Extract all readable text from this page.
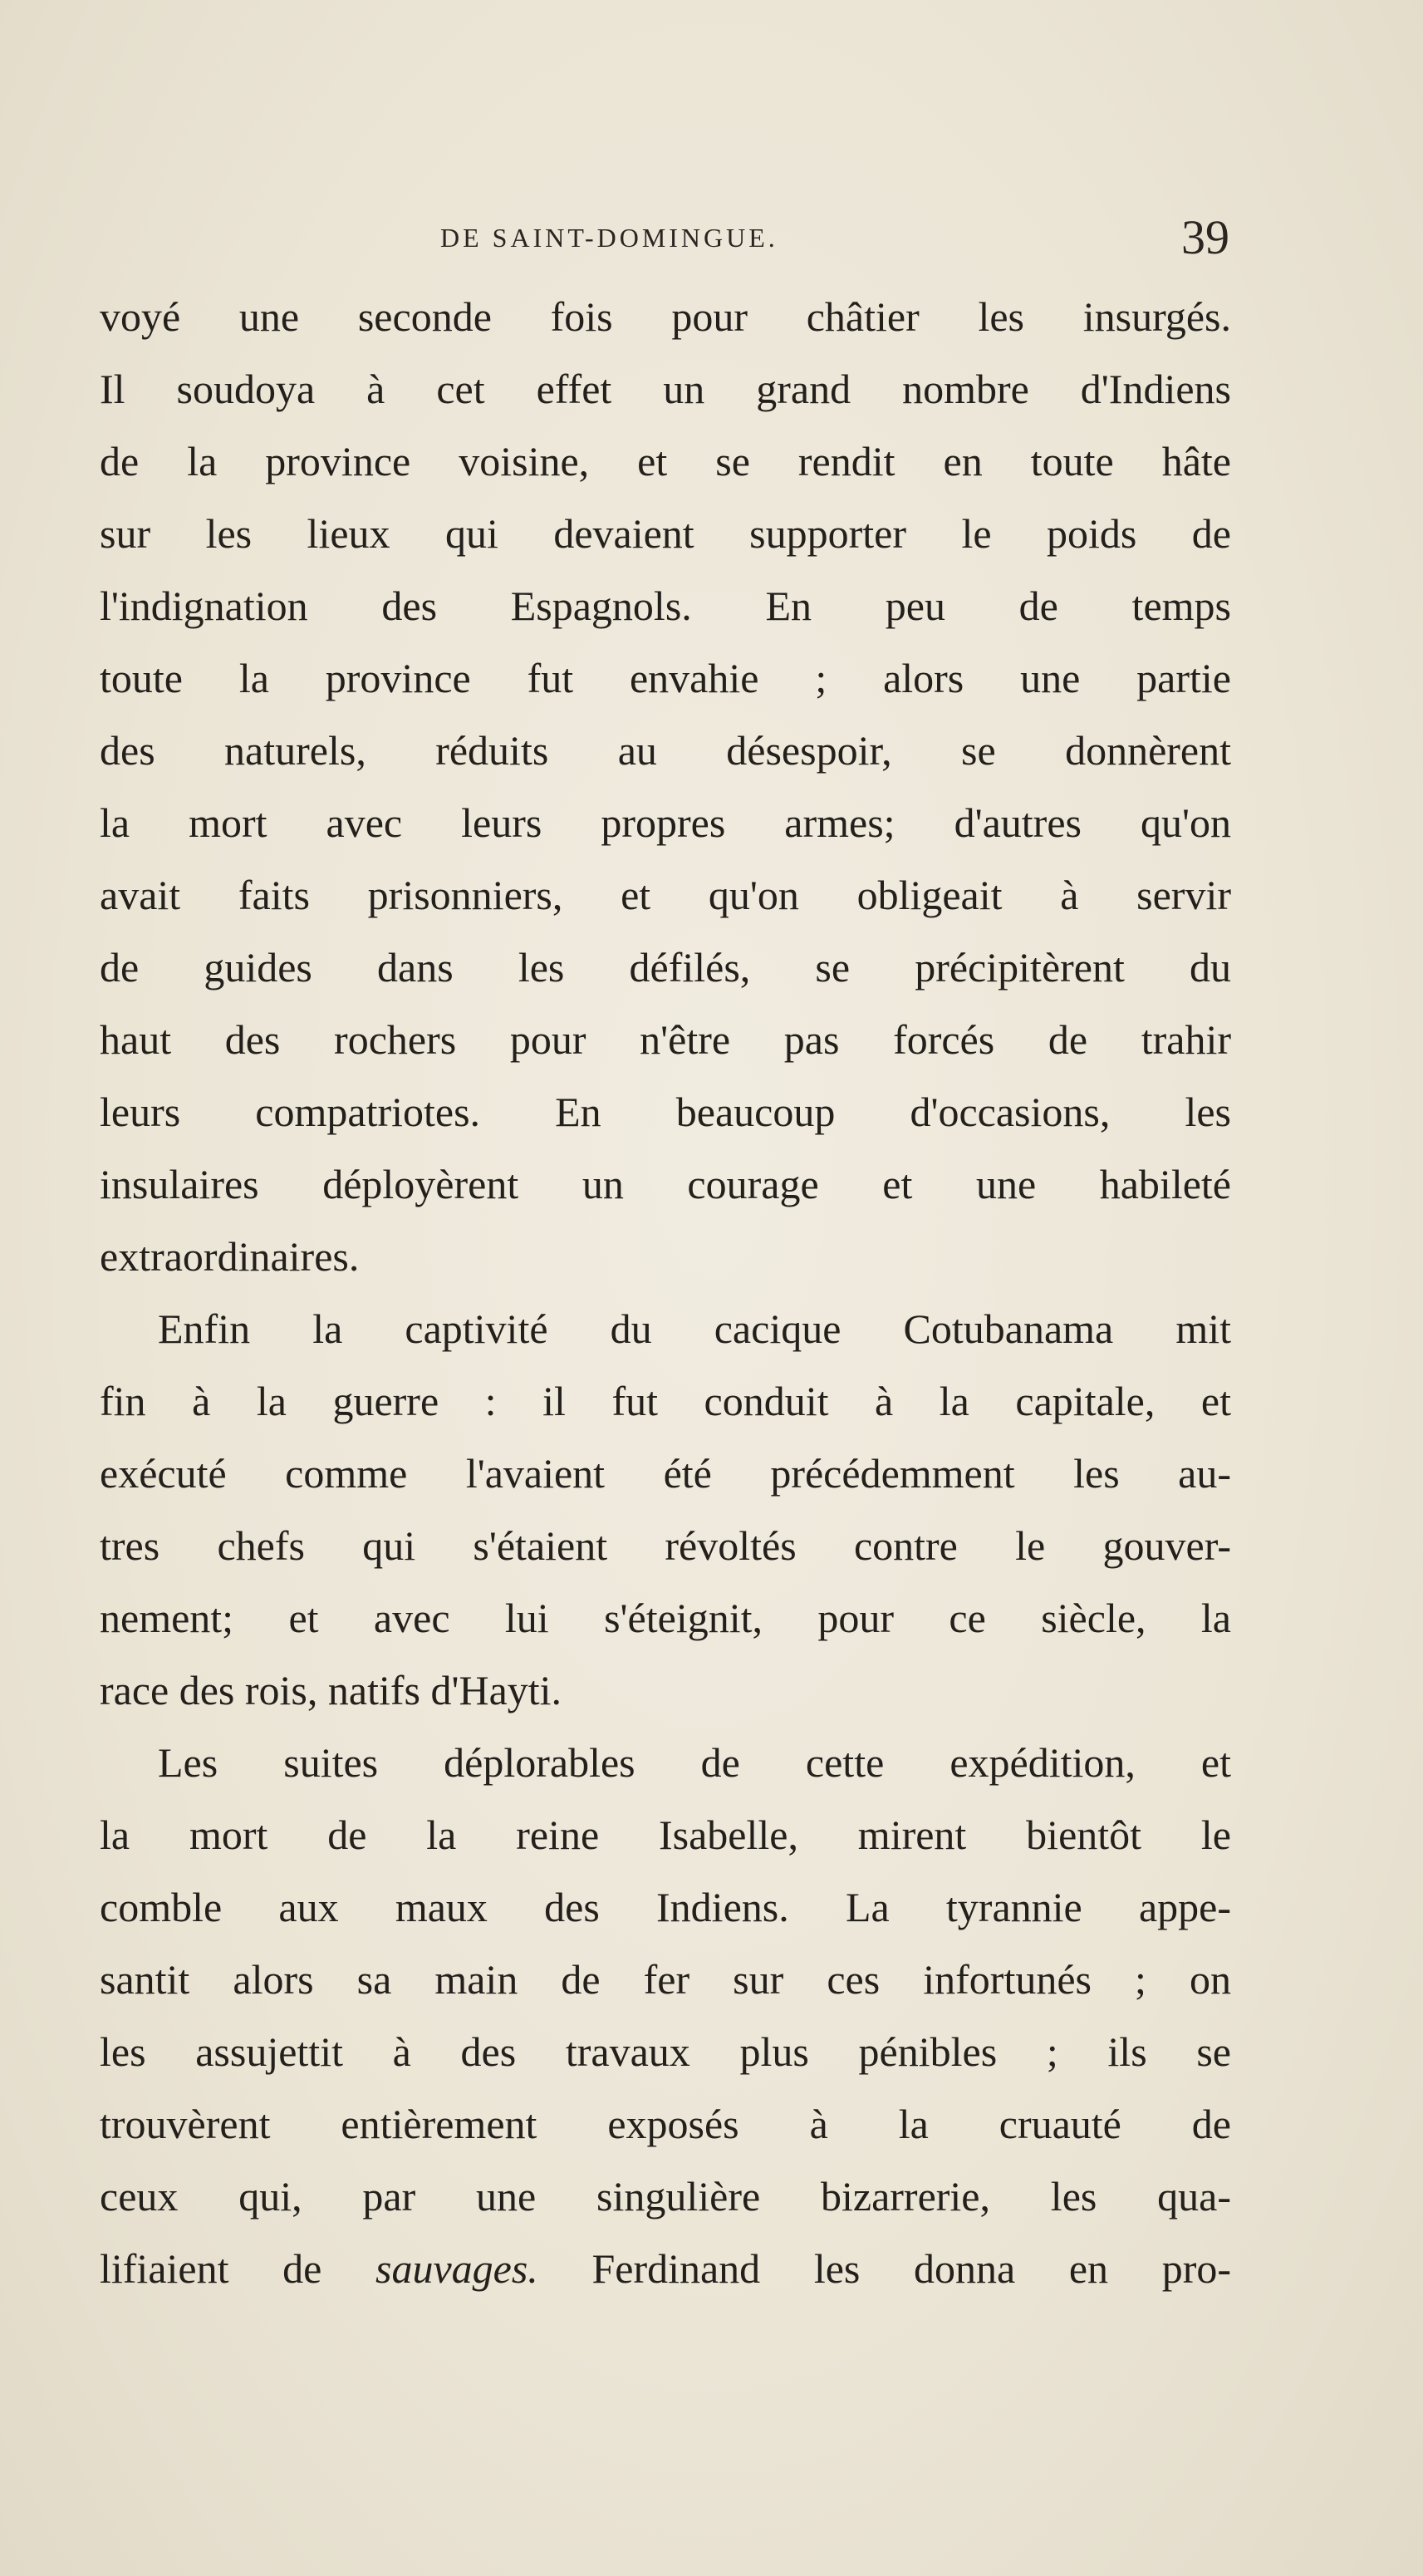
DE SAINT-DOMINGUE.	39
voyé une seconde fois pour châtier les insurgés.
Il soudoya à cet effet un grand nombre d'Indiens
de la province voisine, et se rendit en toute hâte
sur les lieux qui devaient supporter le poids de
l'indignation des Espagnols. En peu de temps
toute la province fut envahie ; alors une partie
des naturels, réduits au désespoir, se donnèrent
la mort avec leurs propres armes; d'autres qu'on
avait faits prisonniers, et qu'on obligeait à servir
de guides dans les défilés, se précipitèrent du
haut des rochers pour n'être pas forcés de trahir
leurs compatriotes. En beaucoup d'occasions, les
insulaires déployèrent un courage et une habileté
extraordinaires.
Enfin la captivité du cacique Cotubanama mit
fin à la guerre : il fut conduit à la capitale, et
exécuté comme l'avaient été précédemment les au-
tres chefs qui s'étaient révoltés contre le gouver-
nement; et avec lui s'éteignit, pour ce siècle, la
race des rois, natifs d'Hayti.
Les suites déplorables de cette expédition, et
la mort de la reine Isabelle, mirent bientôt le
comble aux maux des Indiens. La tyrannie appe-
santit alors sa main de fer sur ces infortunés ; on
les assujettit à des travaux plus pénibles ; ils se
trouvèrent entièrement exposés à la cruauté de
ceux qui, par une singulière bizarrerie, les qua-
lifiaient de sauvages. Ferdinand les donna en pro-
